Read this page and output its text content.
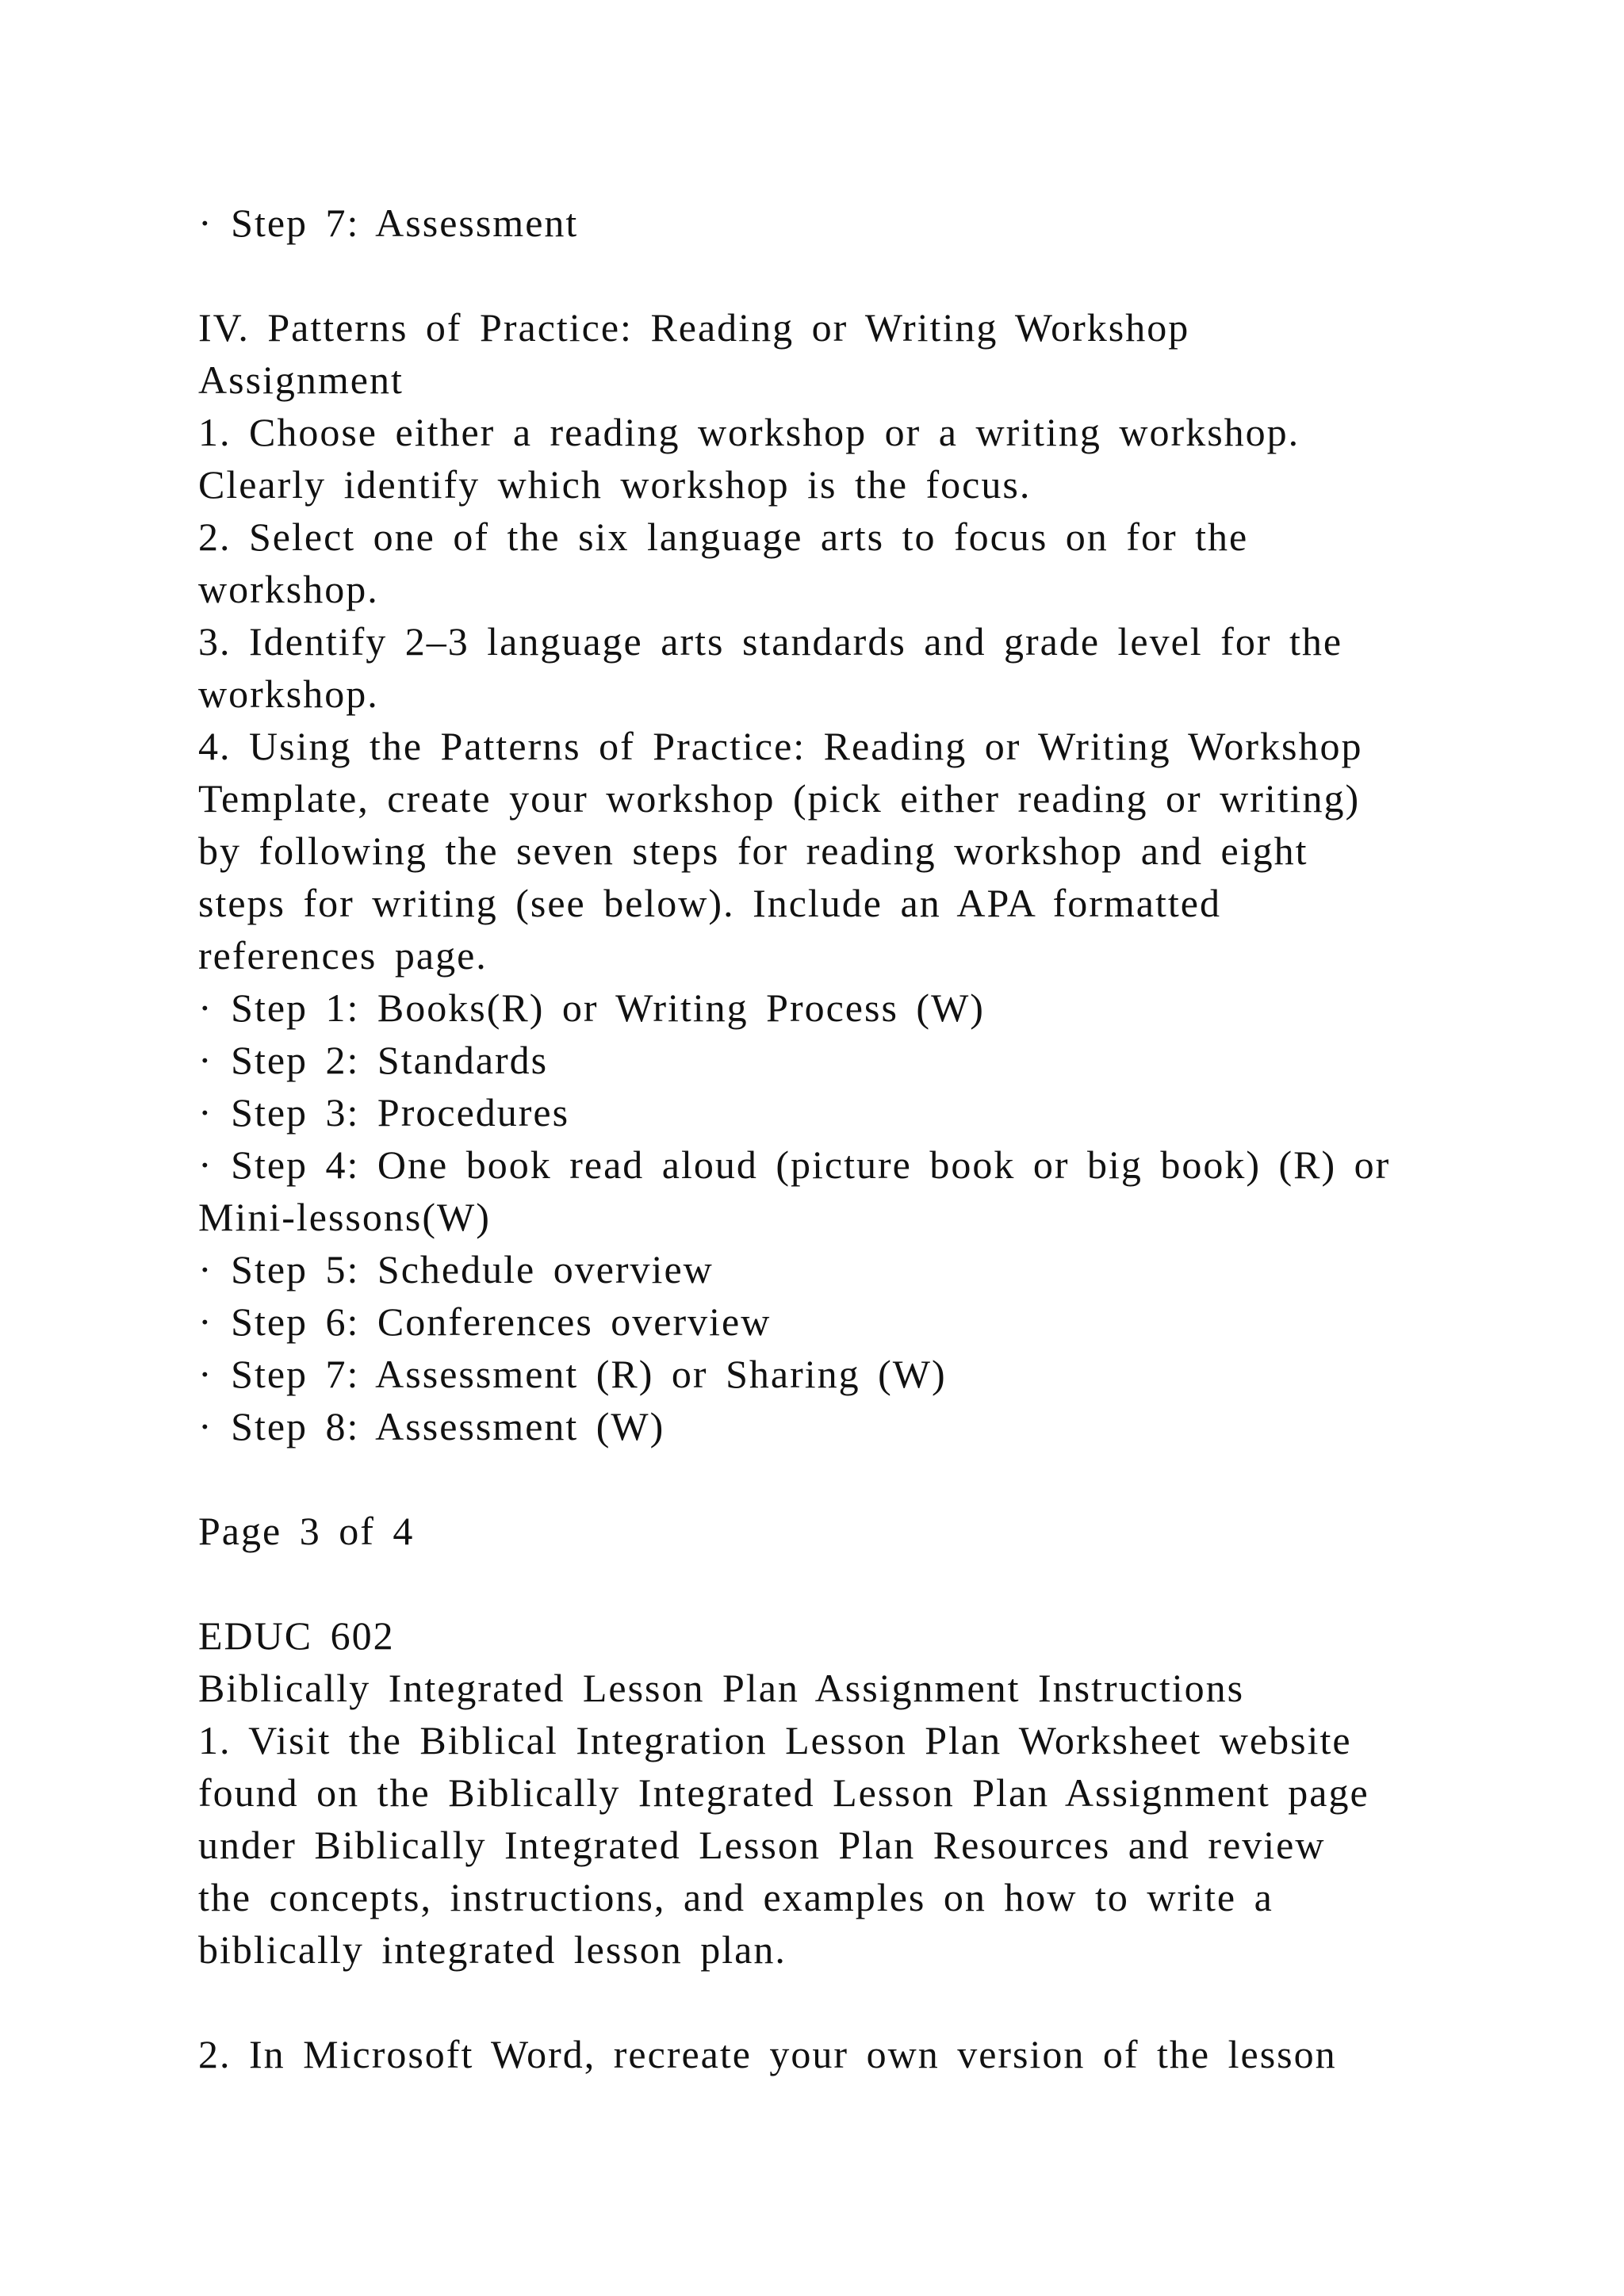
· Step 7: Assessment
IV. Patterns of Practice: Reading or Writing Workshop
Assignment
1. Choose either a reading workshop or a writing workshop.
Clearly identify which workshop is the focus.
2. Select one of the six language arts to focus on for the
workshop.
3. Identify 2–3 language arts standards and grade level for the
workshop.
4. Using the Patterns of Practice: Reading or Writing Workshop
Template, create your workshop (pick either reading or writing)
by following the seven steps for reading workshop and eight
steps for writing (see below). Include an APA formatted
references page.
· Step 1: Books(R) or Writing Process (W)
· Step 2: Standards
· Step 3: Procedures
· Step 4: One book read aloud (picture book or big book) (R) or
Mini-lessons(W)
· Step 5: Schedule overview
· Step 6: Conferences overview
· Step 7: Assessment (R) or Sharing (W)
· Step 8: Assessment (W)
Page 3 of 4
EDUC 602
Biblically Integrated Lesson Plan Assignment Instructions
1. Visit the Biblical Integration Lesson Plan Worksheet website
found on the Biblically Integrated Lesson Plan Assignment page
under Biblically Integrated Lesson Plan Resources and review
the concepts, instructions, and examples on how to write a
biblically integrated lesson plan.
2. In Microsoft Word, recreate your own version of the lesson
